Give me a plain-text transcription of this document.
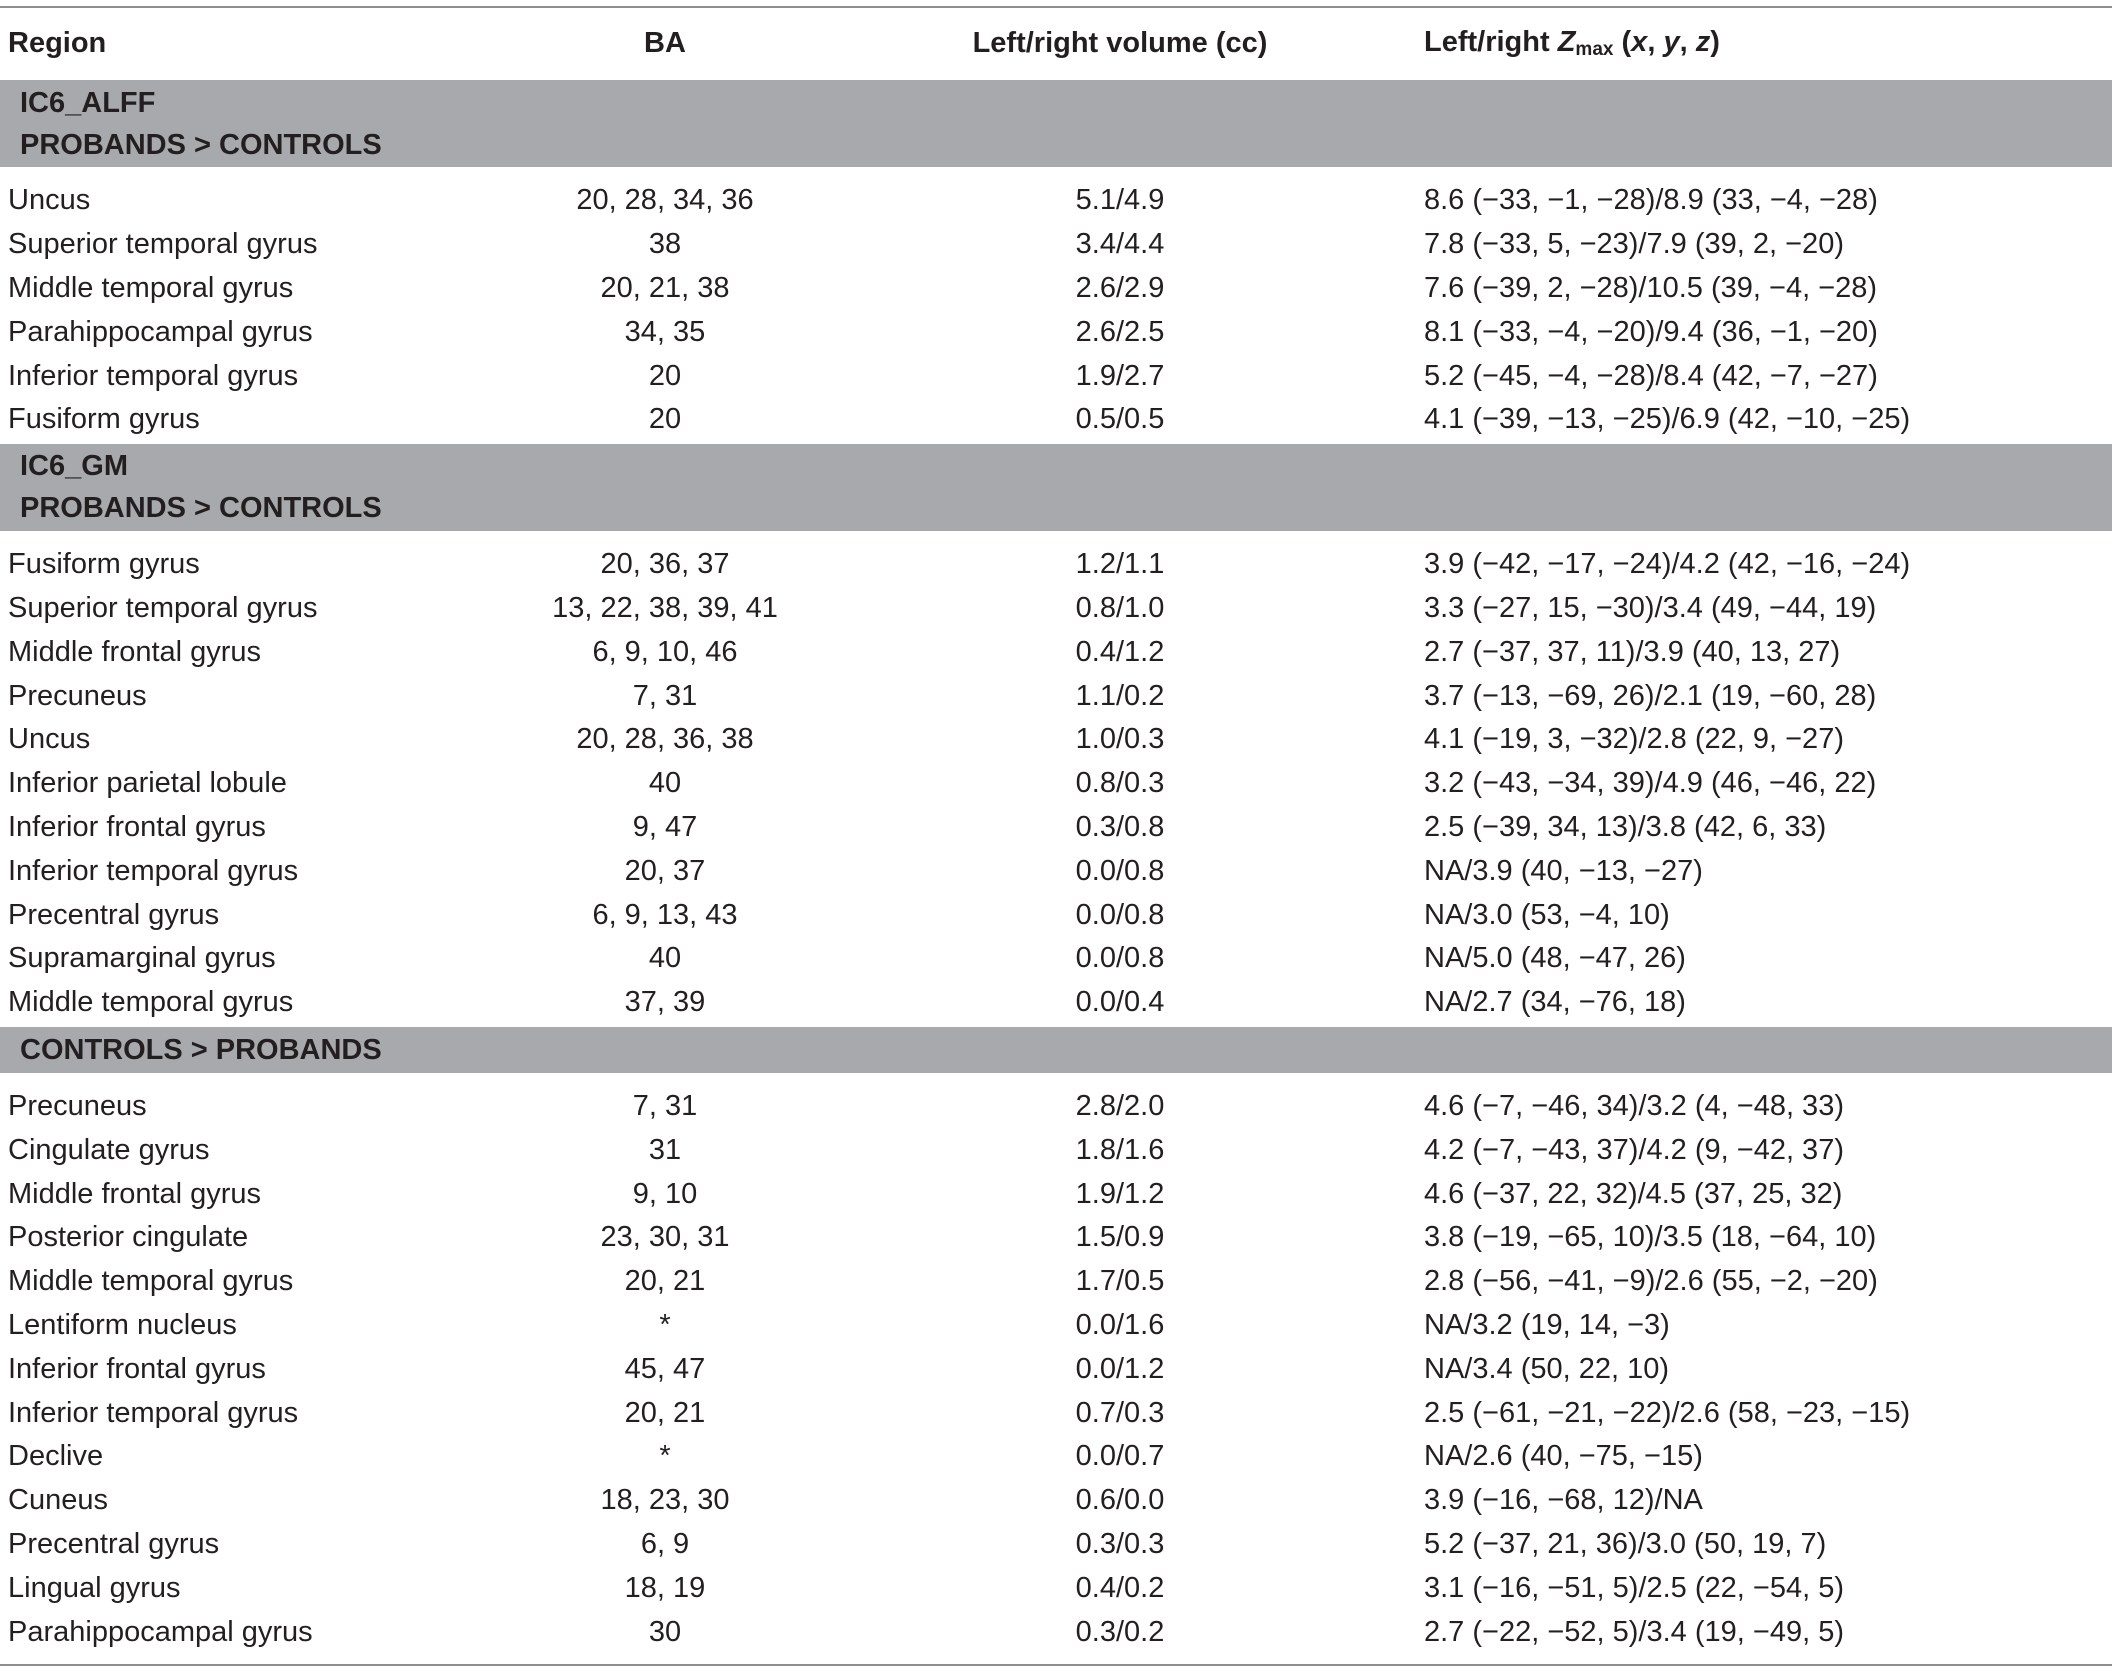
Region	BA	Left/right volume (cc)	Left/right $Z_{max}$ (x, y, z)

IC6_ALFF
PROBANDS > CONTROLS			

Uncus	20, 28, 34, 36	5.1/4.9	8.6 (−33, −1, −28)/8.9 (33, −4, −28)
Superior temporal gyrus	38	3.4/4.4	7.8 (−33, 5, −23)/7.9 (39, 2, −20)
Middle temporal gyrus	20, 21, 38	2.6/2.9	7.6 (−39, 2, −28)/10.5 (39, −4, −28)
Parahippocampal gyrus	34, 35	2.6/2.5	8.1 (−33, −4, −20)/9.4 (36, −1, −20)
Inferior temporal gyrus	20	1.9/2.7	5.2 (−45, −4, −28)/8.4 (42, −7, −27)
Fusiform gyrus	20	0.5/0.5	4.1 (−39, −13, −25)/6.9 (42, −10, −25)

IC6_GM
PROBANDS > CONTROLS			

Fusiform gyrus	20, 36, 37	1.2/1.1	3.9 (−42, −17, −24)/4.2 (42, −16, −24)
Superior temporal gyrus	13, 22, 38, 39, 41	0.8/1.0	3.3 (−27, 15, −30)/3.4 (49, −44, 19)
Middle frontal gyrus	6, 9, 10, 46	0.4/1.2	2.7 (−37, 37, 11)/3.9 (40, 13, 27)
Precuneus	7, 31	1.1/0.2	3.7 (−13, −69, 26)/2.1 (19, −60, 28)
Uncus	20, 28, 36, 38	1.0/0.3	4.1 (−19, 3, −32)/2.8 (22, 9, −27)
Inferior parietal lobule	40	0.8/0.3	3.2 (−43, −34, 39)/4.9 (46, −46, 22)
Inferior frontal gyrus	9, 47	0.3/0.8	2.5 (−39, 34, 13)/3.8 (42, 6, 33)
Inferior temporal gyrus	20, 37	0.0/0.8	NA/3.9 (40, −13, −27)
Precentral gyrus	6, 9, 13, 43	0.0/0.8	NA/3.0 (53, −4, 10)
Supramarginal gyrus	40	0.0/0.8	NA/5.0 (48, −47, 26)
Middle temporal gyrus	37, 39	0.0/0.4	NA/2.7 (34, −76, 18)

CONTROLS > PROBANDS			

Precuneus	7, 31	2.8/2.0	4.6 (−7, −46, 34)/3.2 (4, −48, 33)
Cingulate gyrus	31	1.8/1.6	4.2 (−7, −43, 37)/4.2 (9, −42, 37)
Middle frontal gyrus	9, 10	1.9/1.2	4.6 (−37, 22, 32)/4.5 (37, 25, 32)
Posterior cingulate	23, 30, 31	1.5/0.9	3.8 (−19, −65, 10)/3.5 (18, −64, 10)
Middle temporal gyrus	20, 21	1.7/0.5	2.8 (−56, −41, −9)/2.6 (55, −2, −20)
Lentiform nucleus	*	0.0/1.6	NA/3.2 (19, 14, −3)
Inferior frontal gyrus	45, 47	0.0/1.2	NA/3.4 (50, 22, 10)
Inferior temporal gyrus	20, 21	0.7/0.3	2.5 (−61, −21, −22)/2.6 (58, −23, −15)
Declive	*	0.0/0.7	NA/2.6 (40, −75, −15)
Cuneus	18, 23, 30	0.6/0.0	3.9 (−16, −68, 12)/NA
Precentral gyrus	6, 9	0.3/0.3	5.2 (−37, 21, 36)/3.0 (50, 19, 7)
Lingual gyrus	18, 19	0.4/0.2	3.1 (−16, −51, 5)/2.5 (22, −54, 5)
Parahippocampal gyrus	30	0.3/0.2	2.7 (−22, −52, 5)/3.4 (19, −49, 5)
